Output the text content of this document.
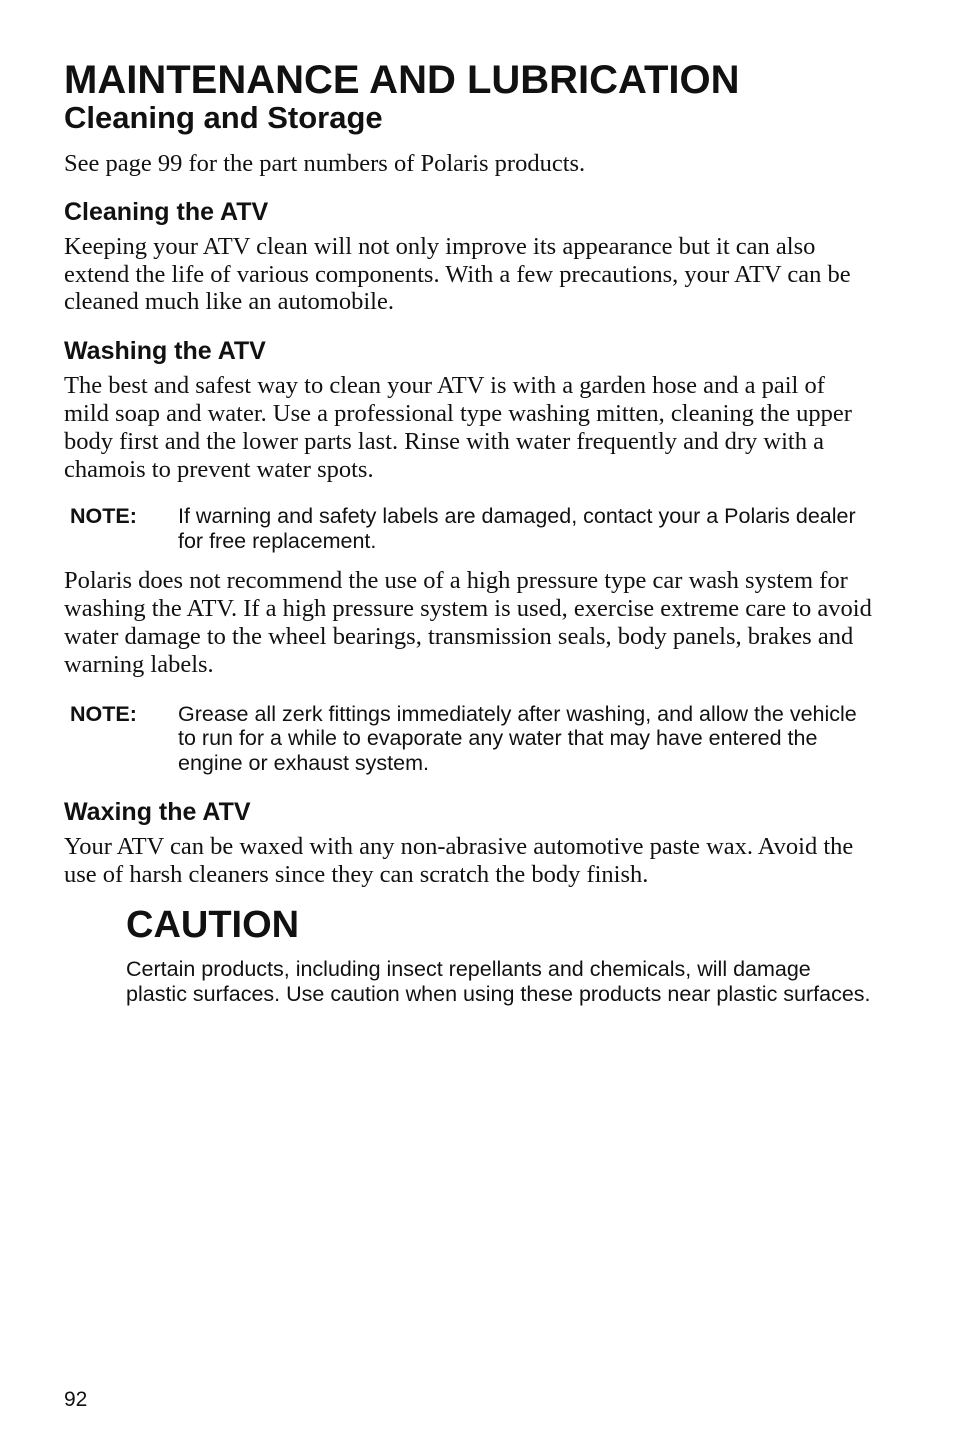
MAINTENANCE AND LUBRICATION
Cleaning and Storage

See page 99 for the part numbers of Polaris products.

Cleaning the ATV

Keeping your ATV clean will not only improve its appearance but it can also extend the life of various components. With a few precautions, your ATV can be cleaned much like an automobile.

Washing the ATV

The best and safest way to clean your ATV is with a garden hose and a pail of mild soap and water. Use a professional type washing mitten, cleaning the upper body first and the lower parts last. Rinse with water frequently and dry with a chamois to prevent water spots.

NOTE:	If warning and safety labels are damaged, contact your a Polaris dealer for free replacement.

Polaris does not recommend the use of a high pressure type car wash system for washing the ATV. If a high pressure system is used, exercise extreme care to avoid water damage to the wheel bearings, transmission seals, body panels, brakes and warning labels.

NOTE:	Grease all zerk fittings immediately after washing, and allow the vehicle to run for a while to evaporate any water that may have entered the engine or exhaust system.
Waxing the ATV

Your ATV can be waxed with any non-abrasive automotive paste wax. Avoid the use of harsh cleaners since they can scratch the body finish.

CAUTION

Certain products, including insect repellants and chemicals, will damage plastic surfaces. Use caution when using these products near plastic surfaces.

92
